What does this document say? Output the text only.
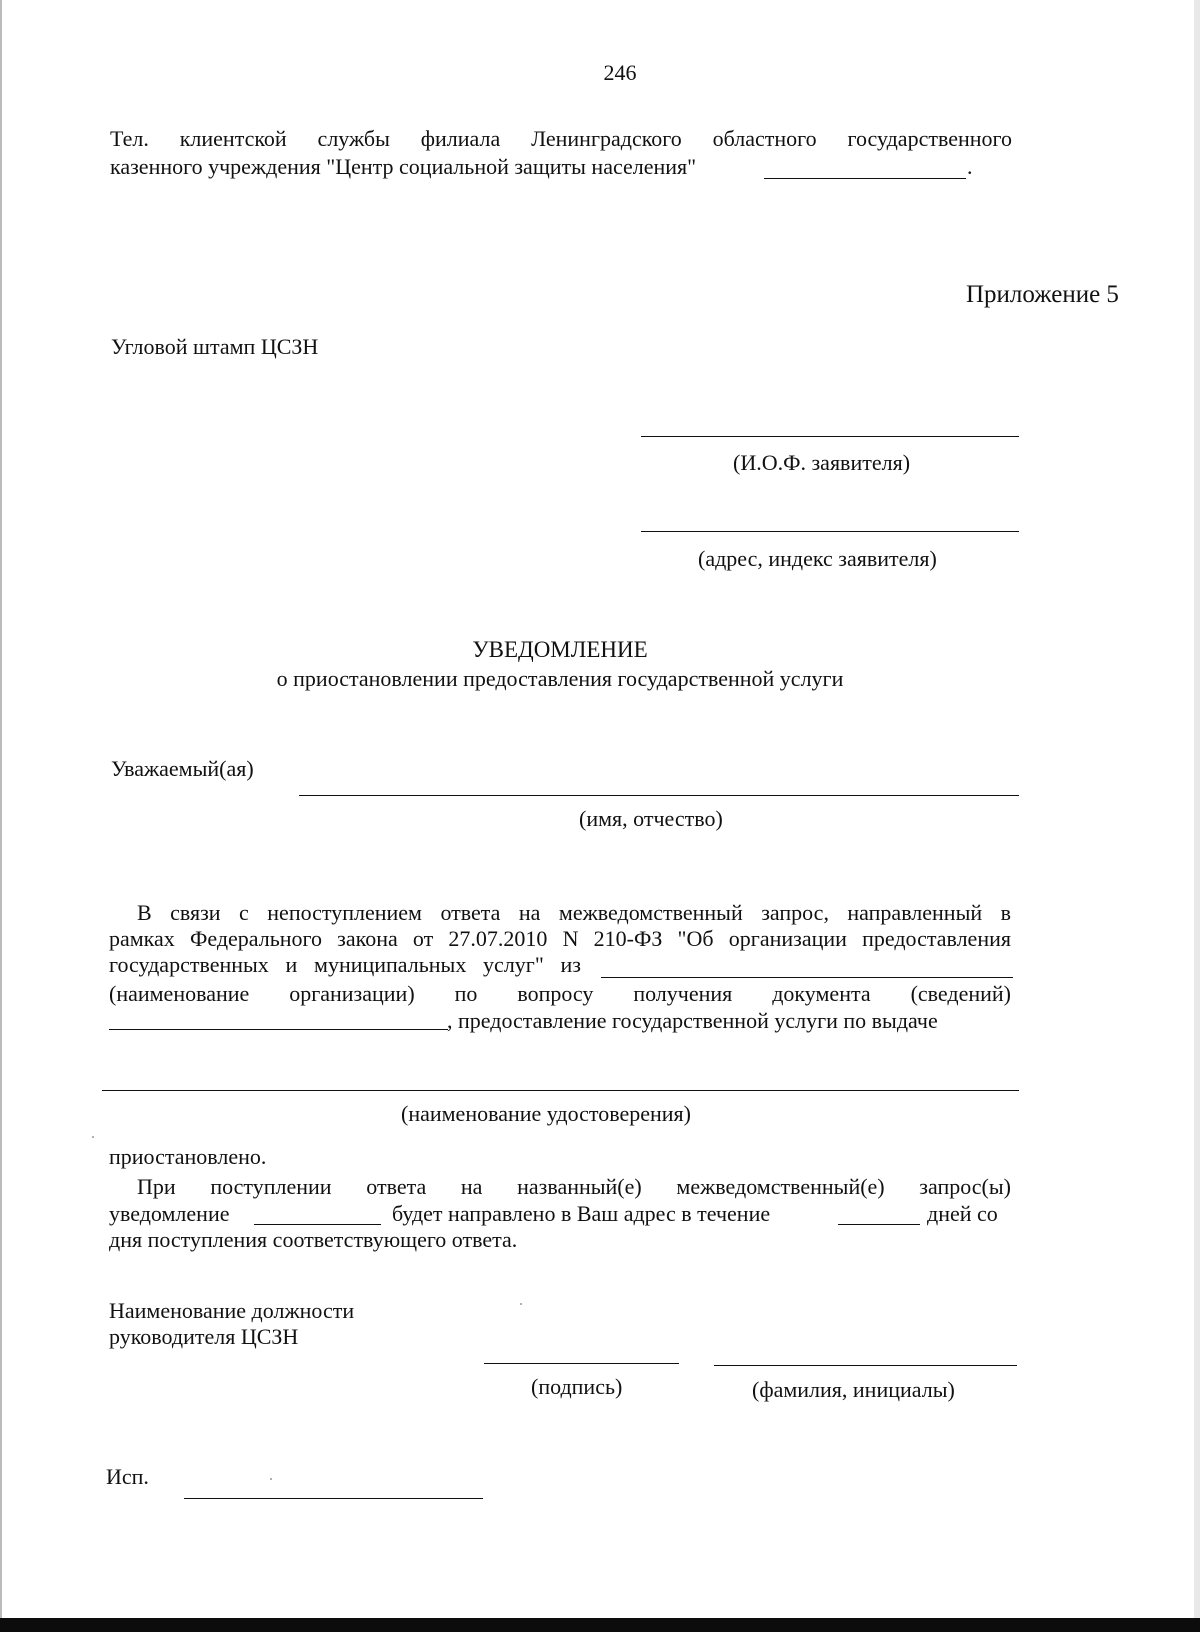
246
Тел. клиентской службы филиала Ленинградского областного государственного
казенного учреждения "Центр социальной защиты населения"	.
Приложение 5
Угловой штамп ЦСЗН
(И.О.Ф. заявителя)
(адрес, индекс заявителя)
УВЕДОМЛЕНИЕ
о приостановлении предоставления государственной услуги
Уважаемый(ая)
(имя, отчество)
В связи с непоступлением ответа на межведомственный запрос, направленный в
рамках Федерального закона от 27.07.2010 N 210-ФЗ "Об организации предоставления
государственных и муниципальных услуг" из
(наименование организации) по вопросу получения документа (сведений)
, предоставление государственной услуги по выдаче
(наименование удостоверения)
приостановлено.
При поступлении ответа на названный(е) межведомственный(е) запрос(ы)
уведомление	будет направлено в Ваш адрес в течение	дней со
дня поступления соответствующего ответа.
Наименование должности
руководителя ЦСЗН
(подпись)	(фамилия, инициалы)
Исп.
